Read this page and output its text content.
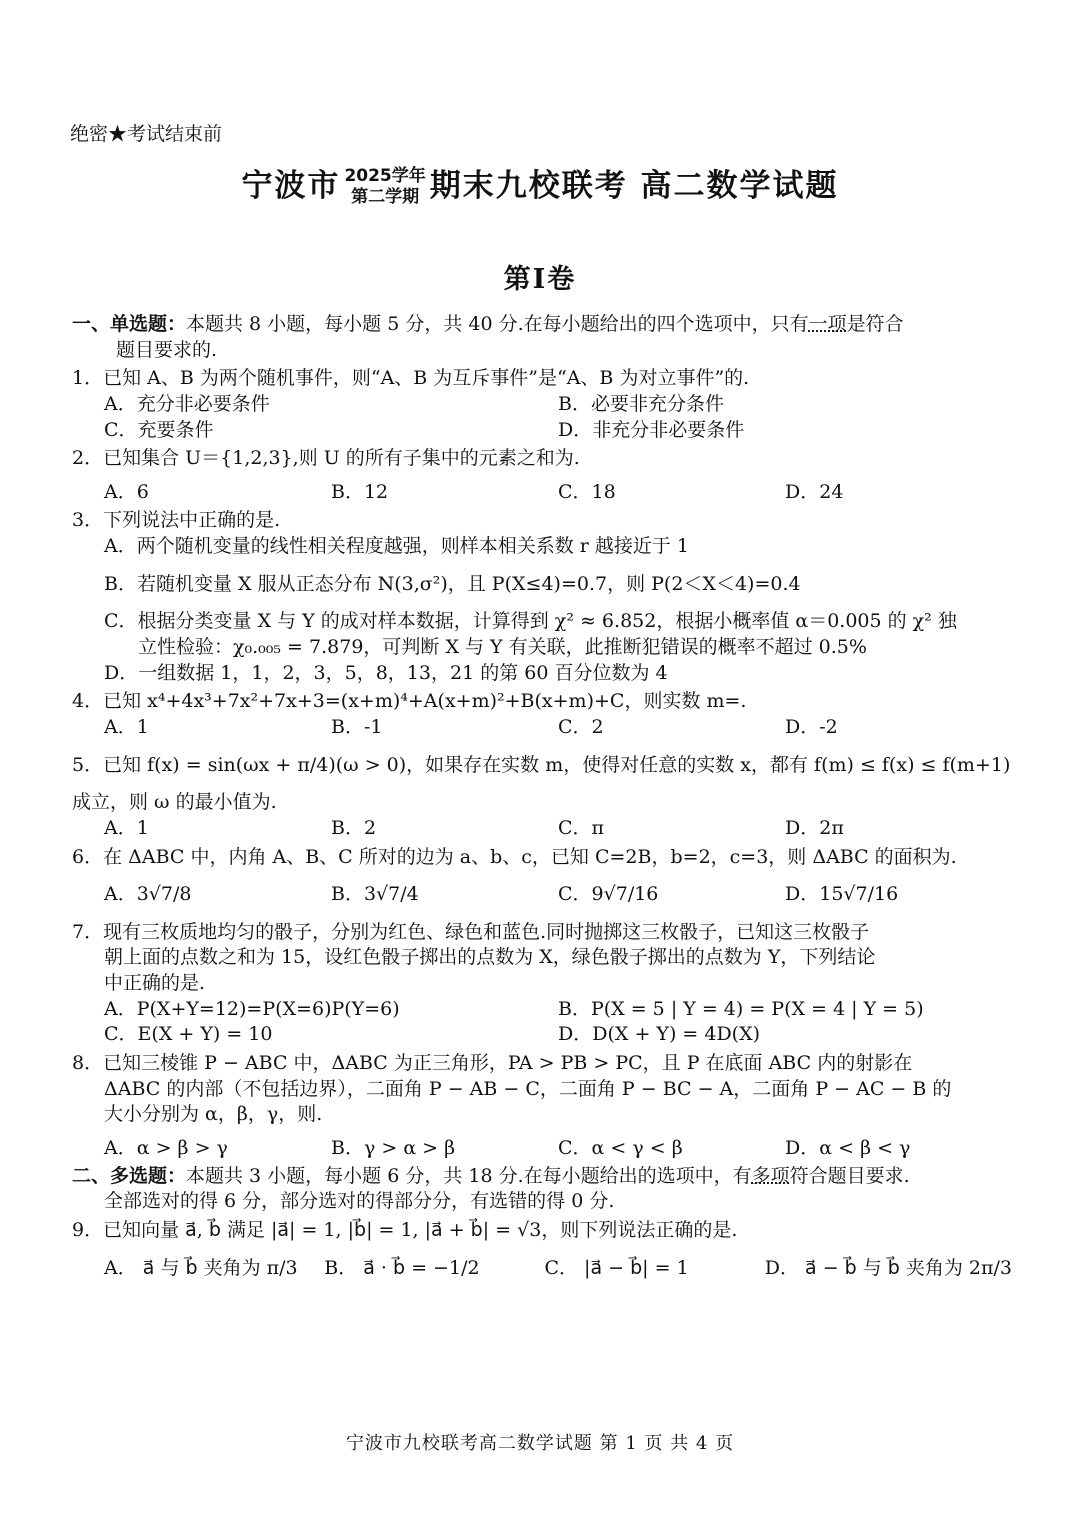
绝密★考试结束前
宁波市 2025学年
第二学期 期末九校联考 高二数学试题
第Ⅰ卷
一、单选题：本题共 8 小题，每小题 5 分，共 40 分.在每小题给出的四个选项中，只有一项是符合
题目要求的.
1．已知 A、B 为两个随机事件，则“A、B 为互斥事件”是“A、B 为对立事件”的.
A．充分非必要条件	B．必要非充分条件
C．充要条件	D．非充分非必要条件
2．已知集合 U＝{1,2,3},则 U 的所有子集中的元素之和为.
A．6	B．12	C．18	D．24
3．下列说法中正确的是.
A．两个随机变量的线性相关程度越强，则样本相关系数 r 越接近于 1
B．若随机变量 X 服从正态分布 N(3,σ²)，且 P(X≤4)=0.7，则 P(2＜X＜4)=0.4
C．根据分类变量 X 与 Y 的成对样本数据，计算得到 χ² ≈ 6.852，根据小概率值 α＝0.005 的 χ² 独
立性检验：χ₀.₀₀₅ = 7.879，可判断 X 与 Y 有关联，此推断犯错误的概率不超过 0.5%
D．一组数据 1，1，2，3，5，8，13，21 的第 60 百分位数为 4
4．已知 x⁴+4x³+7x²+7x+3=(x+m)⁴+A(x+m)²+B(x+m)+C，则实数 m=.
A．1	B．-1	C．2	D．-2
5．已知 f(x) = sin(ωx + π/4)(ω > 0)，如果存在实数 m，使得对任意的实数 x，都有 f(m) ≤ f(x) ≤ f(m+1)
成立，则 ω 的最小值为.
A．1	B．2	C．π	D．2π
6．在 ΔABC 中，内角 A、B、C 所对的边为 a、b、c，已知 C=2B，b=2，c=3，则 ΔABC 的面积为.
A．3√7/8	B．3√7/4	C．9√7/16	D．15√7/16
7．现有三枚质地均匀的骰子，分别为红色、绿色和蓝色.同时抛掷这三枚骰子，已知这三枚骰子
朝上面的点数之和为 15，设红色骰子掷出的点数为 X，绿色骰子掷出的点数为 Y，下列结论
中正确的是.
A．P(X+Y=12)=P(X=6)P(Y=6)	B．P(X = 5 | Y = 4) = P(X = 4 | Y = 5)
C．E(X + Y) = 10	D．D(X + Y) = 4D(X)
8．已知三棱锥 P − ABC 中，ΔABC 为正三角形，PA > PB > PC，且 P 在底面 ABC 内的射影在
ΔABC 的内部（不包括边界），二面角 P − AB − C，二面角 P − BC − A，二面角 P − AC − B 的
大小分别为 α，β，γ，则.
A．α > β > γ	B．γ > α > β	C．α < γ < β	D．α < β < γ
二、多选题：本题共 3 小题，每小题 6 分，共 18 分.在每小题给出的选项中，有多项符合题目要求.
全部选对的得 6 分，部分选对的得部分分，有选错的得 0 分.
9．已知向量 a⃗, b⃗ 满足 |a⃗| = 1, |b⃗| = 1, |a⃗ + b⃗| = √3，则下列说法正确的是.
A． a⃗ 与 b⃗ 夹角为 π/3	B． a⃗ · b⃗ = −1/2	C． |a⃗ − b⃗| = 1	D． a⃗ − b⃗ 与 b⃗ 夹角为 2π/3
宁波市九校联考高二数学试题 第 1 页 共 4 页
